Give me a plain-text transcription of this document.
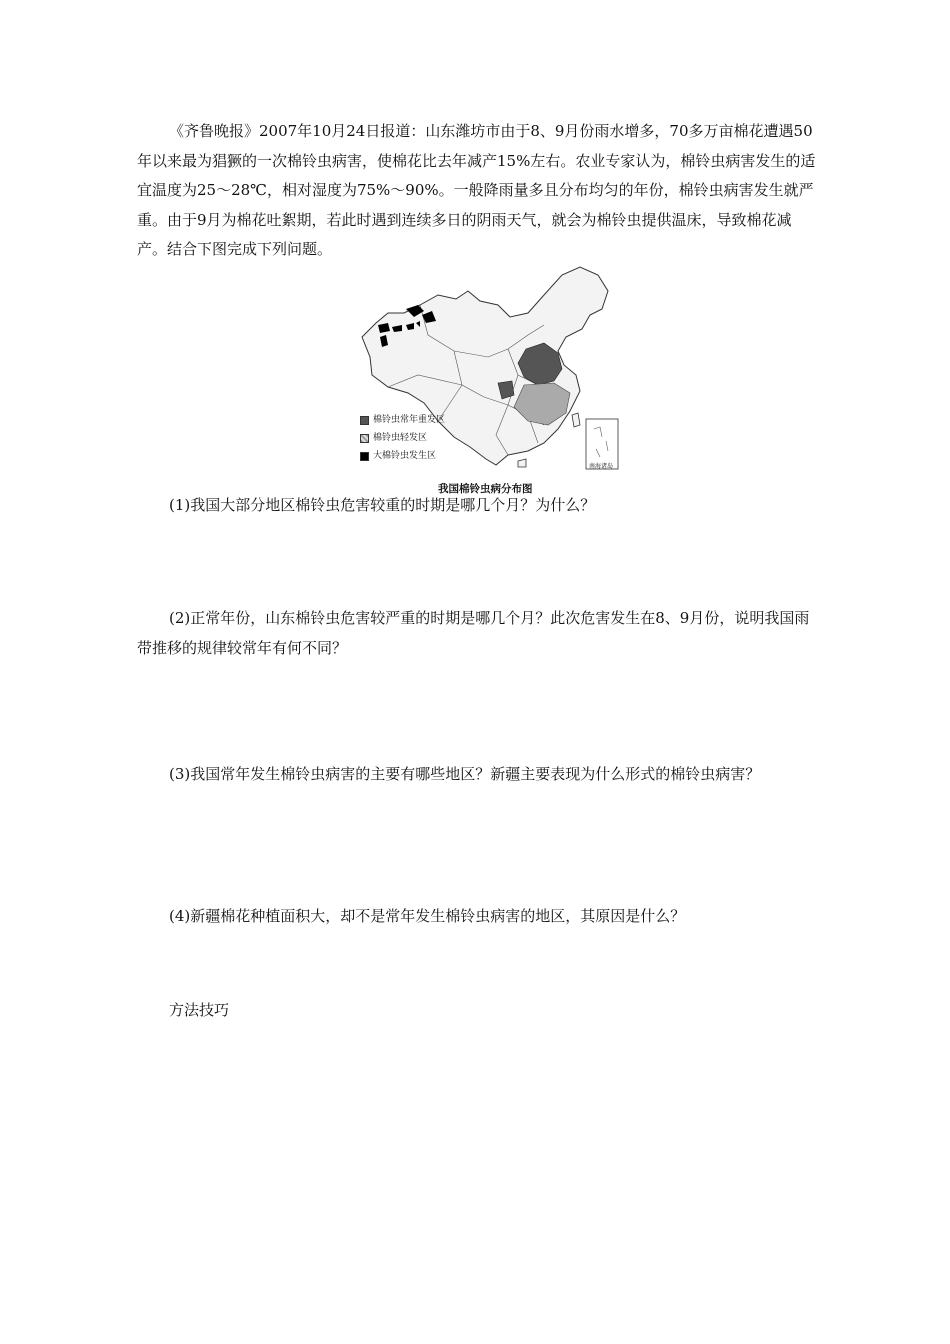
《齐鲁晚报》2007年10月24日报道：山东潍坊市由于8、9月份雨水增多，70多万亩棉花遭遇50年以来最为猖獗的一次棉铃虫病害，使棉花比去年减产15%左右。农业专家认为，棉铃虫病害发生的适宜温度为25～28℃，相对湿度为75%～90%。一般降雨量多且分布均匀的年份，棉铃虫病害发生就严重。由于9月为棉花吐絮期，若此时遇到连续多日的阴雨天气，就会为棉铃虫提供温床，导致棉花减产。结合下图完成下列问题。

棉铃虫常年重发区
棉铃虫轻发区
大棉铃虫发生区
南海诸岛
我国棉铃虫病分布图

(1)我国大部分地区棉铃虫危害较重的时期是哪几个月？为什么？

(2)正常年份，山东棉铃虫危害较严重的时期是哪几个月？此次危害发生在8、9月份，说明我国雨带推移的规律较常年有何不同？

(3)我国常年发生棉铃虫病害的主要有哪些地区？新疆主要表现为什么形式的棉铃虫病害？

(4)新疆棉花种植面积大，却不是常年发生棉铃虫病害的地区，其原因是什么？

方法技巧
